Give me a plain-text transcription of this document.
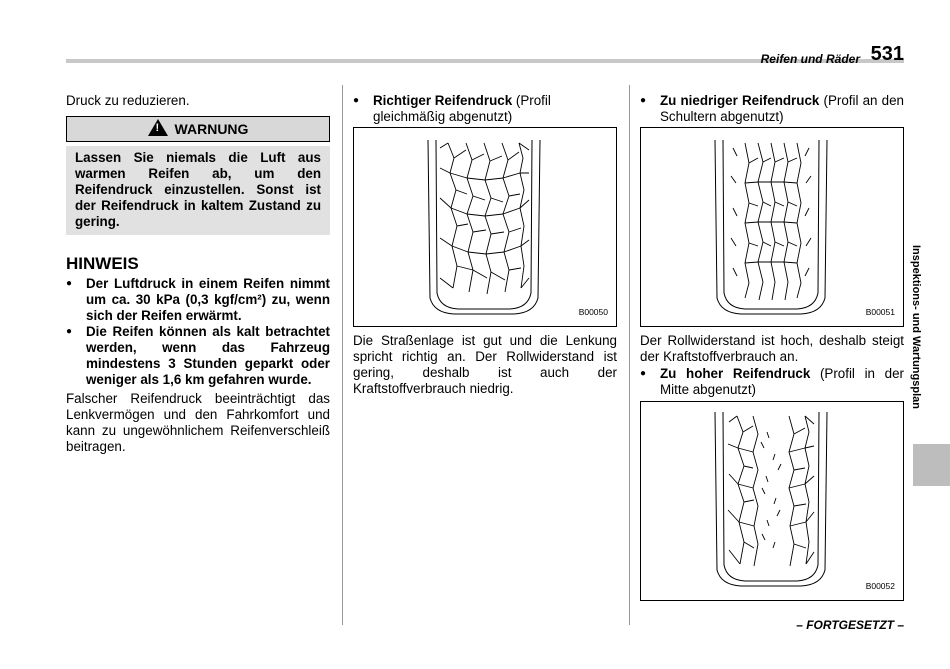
Reifen und Räder 531
Druck zu reduzieren.
!WARNUNG
Lassen Sie niemals die Luft aus warmen Reifen ab, um den Reifendruck einzustellen. Sonst ist der Reifendruck in kaltem Zustand zu gering.
HINWEIS
● Der Luftdruck in einem Reifen nimmt um ca. 30 kPa (0,3 kgf/cm²) zu, wenn sich der Reifen erwärmt.
● Die Reifen können als kalt betrachtet werden, wenn das Fahrzeug mindestens 3 Stunden geparkt oder weniger als 1,6 km gefahren wurde.
Falscher Reifendruck beeinträchtigt das Lenkvermögen und den Fahrkomfort und kann zu ungewöhnlichem Reifenverschleiß beitragen.
● Richtiger Reifendruck (Profil gleichmäßig abgenutzt)
B00050
Die Straßenlage ist gut und die Lenkung spricht richtig an. Der Rollwiderstand ist gering, deshalb ist auch der Kraftstoffverbrauch niedrig.
● Zu niedriger Reifendruck (Profil an den Schultern abgenutzt)
B00051
Der Rollwiderstand ist hoch, deshalb steigt der Kraftstoffverbrauch an.
● Zu hoher Reifendruck (Profil in der Mitte abgenutzt)
B00052
Inspektions- und Wartungsplan
– FORTGESETZT –
